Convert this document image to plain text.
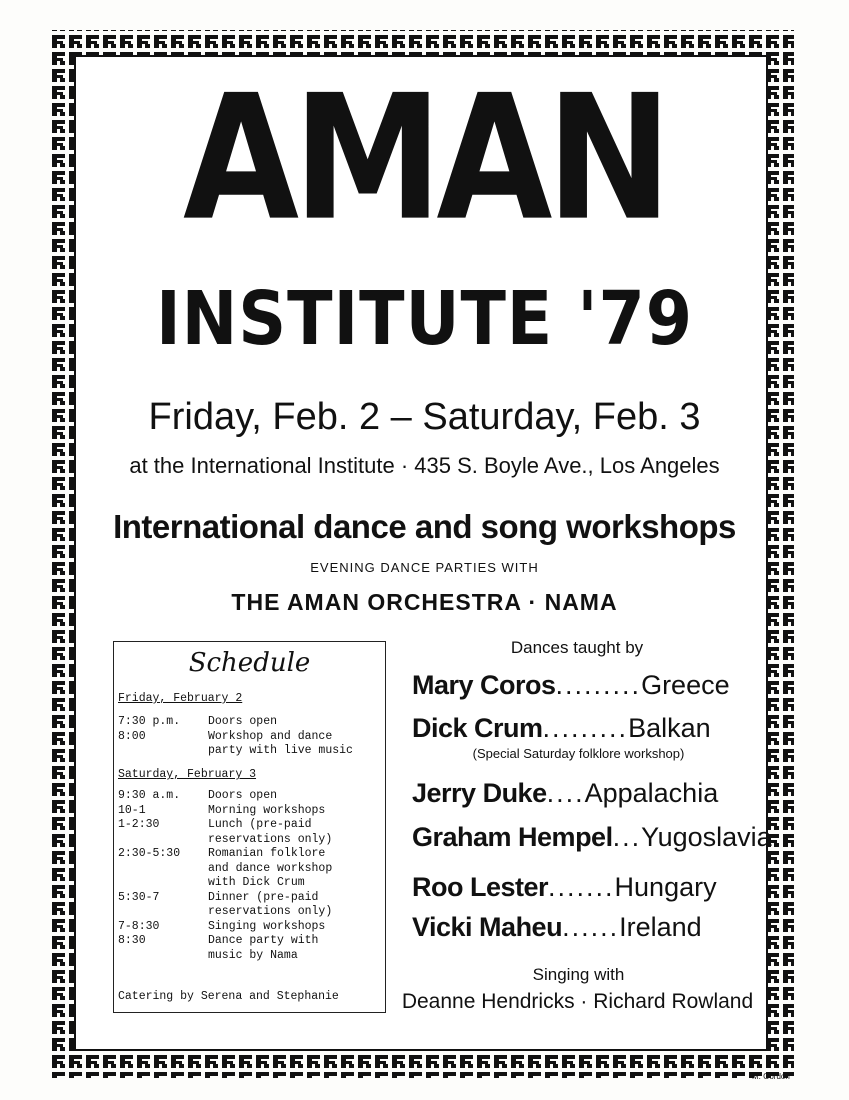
AMAN
INSTITUTE '79
Friday, Feb. 2 – Saturday, Feb. 3
at the International Institute · 435 S. Boyle Ave., Los Angeles
International dance and song workshops
EVENING DANCE PARTIES WITH
THE AMAN ORCHESTRA · NAMA
Schedule
Friday, February 2
7:30 p.m. Doors open
8:00	Workshop and dance
party with live music
Saturday, February 3
9:30 a.m. Doors open
10-1	Morning workshops
1-2:30	Lunch (pre-paid
reservations only)
2:30-5:30 Romanian folklore
and dance workshop
with Dick Crum
5:30-7	Dinner (pre-paid
reservations only)
7-8:30	Singing workshops
8:30	Dance party with
music by Nama
Catering by Serena and Stephanie
Dances taught by
Mary Coros.........Greece
Dick Crum.........Balkan
Jerry Duke....Appalachia
Graham Hempel...Yugoslavia
Roo Lester.......Hungary
Vicki Maheu......Ireland
(Special Saturday folklore workshop)
Singing with
Deanne Hendricks · Richard Rowland
M. Gordon
